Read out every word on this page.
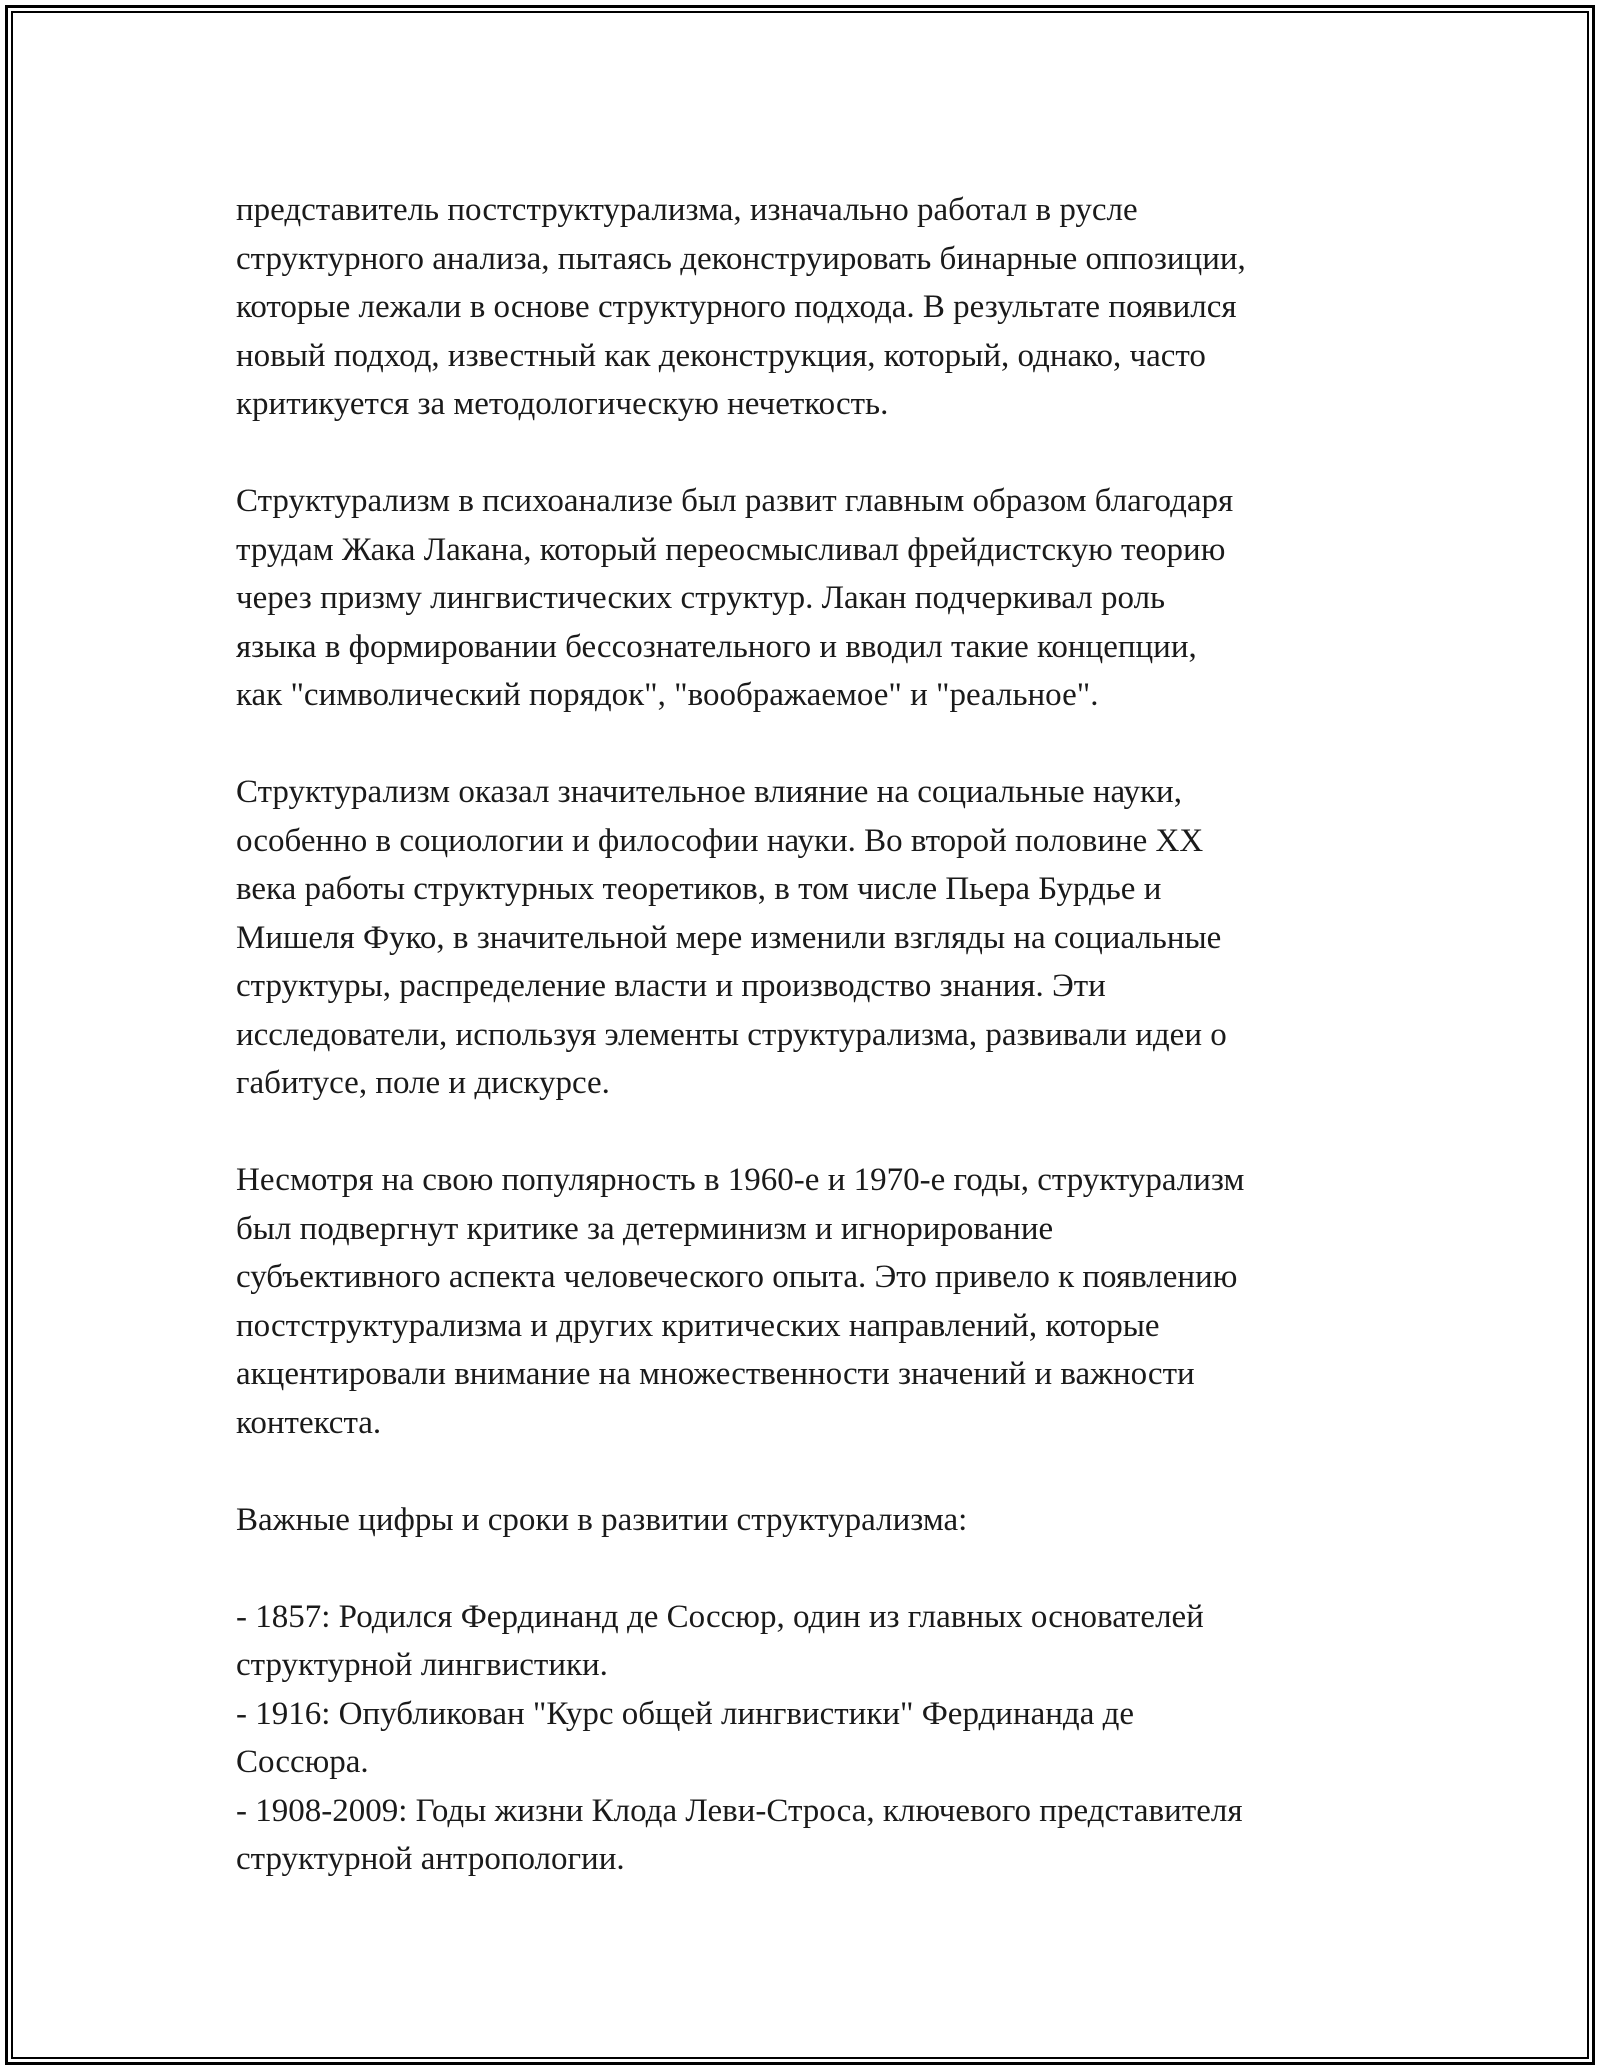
представитель постструктурализма, изначально работал в русле
структурного анализа, пытаясь деконструировать бинарные оппозиции,
которые лежали в основе структурного подхода. В результате появился
новый подход, известный как деконструкция, который, однако, часто
критикуется за методологическую нечеткость.

Структурализм в психоанализе был развит главным образом благодаря
трудам Жака Лакана, который переосмысливал фрейдистскую теорию
через призму лингвистических структур. Лакан подчеркивал роль
языка в формировании бессознательного и вводил такие концепции,
как "символический порядок", "воображаемое" и "реальное".

Структурализм оказал значительное влияние на социальные науки,
особенно в социологии и философии науки. Во второй половине XX
века работы структурных теоретиков, в том числе Пьера Бурдье и
Мишеля Фуко, в значительной мере изменили взгляды на социальные
структуры, распределение власти и производство знания. Эти
исследователи, используя элементы структурализма, развивали идеи о
габитусе, поле и дискурсе.

Несмотря на свою популярность в 1960-е и 1970-е годы, структурализм
был подвергнут критике за детерминизм и игнорирование
субъективного аспекта человеческого опыта. Это привело к появлению
постструктурализма и других критических направлений, которые
акцентировали внимание на множественности значений и важности
контекста.

Важные цифры и сроки в развитии структурализма:

- 1857: Родился Фердинанд де Соссюр, один из главных основателей
структурной лингвистики.
- 1916: Опубликован "Курс общей лингвистики" Фердинанда де
Соссюра.
- 1908-2009: Годы жизни Клода Леви-Строса, ключевого представителя
структурной антропологии.
